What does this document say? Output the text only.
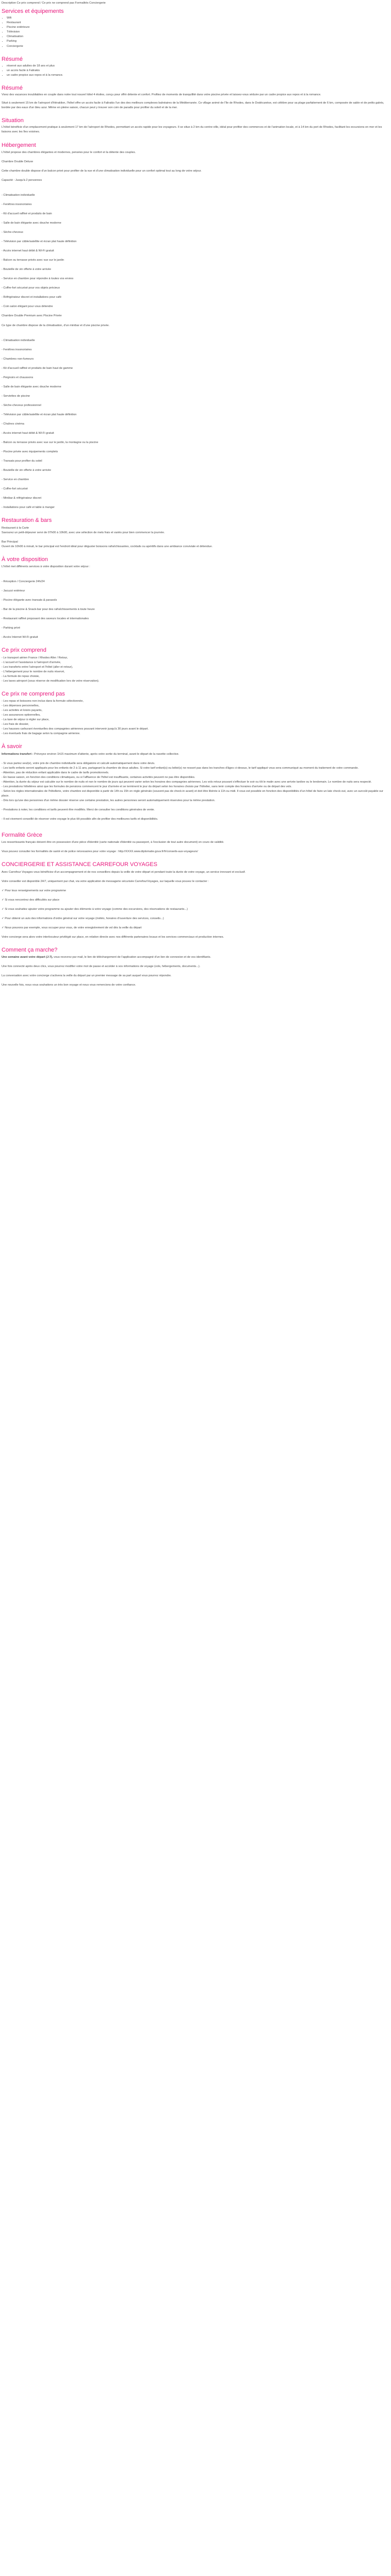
Description Ce prix comprend / Ce prix ne comprend pas Formalités Conciergerie

Services et équipements
• Wifi
• Restaurant
• Piscine extérieure
• Télévision
• Climatisation
• Parking
• Conciergerie
Résumé
• réservé aux adultes de 18 ans et plus
• un accès facile à Falirakis
• un cadre propice aux repos et à la romance.
Résumé

Vivez des vacances inoubliables en couple dans notre tout nouvel hôtel 4 étoiles, conçu pour offrir détente et confort. Profitez de moments de tranquillité dans votre piscine privée et laissez-vous séduire par un cadre propice aux repos et à la romance.

Situé à seulement 15 km de l'aéroport d'Héraklion, l'hôtel offre un accès facile à Falirakis l'un des des meilleurs complexes balnéaires de la Méditerranée. Ce village animé de l'île de Rhodes, dans le Dodécanèse, est célèbre pour sa plage parfaitement de 6 km, composée de sable et de petits galets, bordée par des eaux d'un bleu azur. Même en pleine saison, chacun peut y trouver son coin de paradis pour profiter du soleil et de la mer.

Situation

L'hôtel bénéficie d'un emplacement pratique à seulement 17 km de l'aéroport de Rhodes, permettant un accès rapide pour les voyageurs. Il se situe à 2 km du centre-ville, idéal pour profiter des commerces et de l'animation locale, et à 14 km du port de Rhodes, facilitant les excursions en mer et les liaisons avec les îles voisines.

Hébergement

L'hôtel propose des chambres élégantes et modernes, pensées pour le confort et la détente des couples.

Chambre Double Deluxe

Cette chambre double dispose d'un balcon privé pour profiter de la vue et d'une climatisation individuelle pour un confort optimal tout au long de votre séjour.

Capacité : Jusqu'à 2 personnes

- Climatisation individuelle

- Fenêtres insonorisées

- Kit d'accueil raffiné et produits de bain

- Salle de bain élégante avec douche moderne

- Sèche-cheveux

- Télévision par câble/satellite et écran plat haute définition

- Accès internet haut débit & Wi-Fi gratuit

- Balcon ou terrasse privés avec vue sur le jardin

- Bouteille de vin offerte à votre arrivée

- Service en chambre pour répondre à toutes vos envies

- Coffre-fort sécurisé pour vos objets précieux

- Réfrigérateur discret et installations pour café

- Coin salon élégant pour vous détendre

Chambre Double Premium avec Piscine Privée

Ce type de chambre dispose de la climatisation, d'un minibar et d'une piscine privée.

- Climatisation individuelle

- Fenêtres insonorisées

- Chambres non-fumeurs

- Kit d'accueil raffiné et produits de bain haut de gamme

- Peignoirs et chaussons

- Salle de bain élégante avec douche moderne

- Serviettes de piscine

- Sèche-cheveux professionnel

- Télévision par câble/satellite et écran plat haute définition

- Chaînes cinéma

- Accès internet haut débit & Wi-Fi gratuit

- Balcon ou terrasse privés avec vue sur le jardin, la montagne ou la piscine

- Piscine privée avec équipements complets

- Transats pour profiter du soleil

- Bouteille de vin offerte à votre arrivée

- Service en chambre

- Coffre-fort sécurisé

- Minibar & réfrigérateur discret

- Installations pour café et table à manger

Restauration & bars

Restaurant à la Carte

Savourez un petit-déjeuner servi de 07h00 à 10h00, avec une sélection de mets frais et variés pour bien commencer la journée.

Bar Principal

Ouvert de 10h00 à minuit, le bar principal est l'endroit idéal pour déguster boissons rafraîchissantes, cocktails ou apéritifs dans une ambiance conviviale et détendue.

À votre disposition

L'hôtel met différents services à votre disposition durant votre séjour :

- Réception / Conciergerie 24h/24

- Jacuzzi extérieur

- Piscine élégante avec transats & parasols

- Bar de la piscine & Snack-bar pour des rafraîchissements à toute heure

- Restaurant raffiné proposant des saveurs locales et internationales

- Parking privé

- Accès Internet Wi-Fi gratuit

Ce prix comprend

- Le transport aérien France / Rhodes Aller / Retour,

- L'accueil et l'assistance à l'aéroport d'arrivée,

- Les transferts entre l'aéroport et l'hôtel (aller et retour),

- L'hébergement pour le nombre de nuits réservé,

- La formule de repas choisie,

- Les taxes aéroport (sous réserve de modification lors de votre réservation).

Ce prix ne comprend pas

- Les repas et boissons non inclus dans la formule sélectionnée,

- Les dépenses personnelles,

- Les activités et loisirs payants,

- Les assurances optionnelles,

- La taxe de séjour à régler sur place,

- Les frais de dossier,

- Les hausses carburant éventuelles des compagnies aériennes pouvant intervenir jusqu'à 30 jours avant le départ.

- Les éventuels frais de bagage selon la compagnie aérienne.

À savoir

Informations transfert : Prévoyez environ 1h15 maximum d'attente, après votre sortie du terminal, avant le départ de la navette collective.

- Si vous partez seul(e), votre prix de chambre individuelle sera obligatoire et calculé automatiquement dans votre devis.

- Les tarifs enfants seront appliqués pour les enfants de 2 à 11 ans, partageant la chambre de deux adultes. Si votre tarif enfant(s) ou bébé(s) ne ressort pas dans les tranches d'âges ci-dessus, le tarif appliqué vous sera communiqué au moment du traitement de votre commande.

- Attention, pas de réduction enfant applicable dans le cadre de tarifs promotionnels.

- En basse saison, en fonction des conditions climatiques, ou si l'affluence de l'hôtel est insuffisante, certaines activités peuvent ne pas être disponibles.

- Attention, la durée du séjour est calculée sur le nombre de nuits et non le nombre de jours qui peuvent varier selon les horaires des compagnies aériennes. Les vols retour pouvant s'effectuer le soir ou tôt le matin avec une arrivée tardive ou le lendemain. Le nombre de nuits sera respecté.

- Les prestations hôtelières ainsi que les formules de pensions commencent le jour d'arrivée et se terminent le jour du départ selon les horaires choisis par l'hôtelier, sans tenir compte des horaires d'arrivée ou de départ des vols.

- Selon les règles internationales de l'hôtellerie, votre chambre est disponible à partir de 14h ou 15h en règle générale (souvent pas de check-in avant) et doit être libérée à 11h ou midi. Il vous est possible en fonction des disponibilités d'un hôtel de faire un late check-out, avec un surcoût payable sur place.

- Dès lors qu'une des personnes d'un même dossier réserve une certaine prestation, les autres personnes seront automatiquement réservées pour la même prestation.

- Prestations à noter, les conditions et tarifs peuvent être modifiés. Merci de consulter les conditions générales de vente.

- Il est vivement conseillé de réserver votre voyage le plus tôt possible afin de profiter des meilleures tarifs et disponibilités.

Formalité Grèce

Les ressortissants français doivent être en possession d'une pièce d'identité (carte nationale d'identité ou passeport, à l'exclusion de tout autre document) en cours de validité.

Vous pouvez consulter les formalités de santé et de police nécessaires pour votre voyage : http://XXXX.www.diplomatie.gouv.fr/fr/conseils-aux-voyageurs/

CONCIERGERIE ET ASSISTANCE CARREFOUR VOYAGES

Avec Carrefour Voyages vous bénéficiez d'un accompagnement et de nos conseillers depuis la veille de votre départ et pendant toute la durée de votre voyage, un service innovant et exclusif.

Votre conseiller est disponible 24/7, uniquement par chat, via votre application de messagerie sécurisée CarrefourVoyages, sur laquelle vous pouvez le contacter :

✓ Pour tous renseignements sur votre programme

✓ Si vous rencontrez des difficultés sur place

✓ Si vous souhaitez ajouter votre programme ou ajouter des éléments à votre voyage (comme des excursions, des réservations de restaurants...)

✓ Pour obtenir un avis des informations d'ordre général sur votre voyage (météo, horaires d'ouverture des services, conseils...)

✓ Nous pouvons par exemple, vous occuper pour vous, de votre enregistrement de vol dès la veille du départ

Votre concierge sera alors votre interlocuteur privilégié sur place, en relation directe avec nos différents partenaires locaux et les services commerciaux et production internes.

Comment ça marche?

Une semaine avant votre départ (J-7), vous recevrez par mail, le lien de téléchargement de l'application accompagné d'un lien de connexion et de vos identifiants.

Une fois connecté après deux clics, vous pourrez modifier votre mot de passe et accéder à vos informations de voyage (vols, hébergements, documents...).

La conversation avec votre concierge s'activera la veille du départ par un premier message de sa part auquel vous pourrez répondre.

Une nouvelle fois, nous vous souhaitons un très bon voyage et nous vous remercions de votre confiance.
